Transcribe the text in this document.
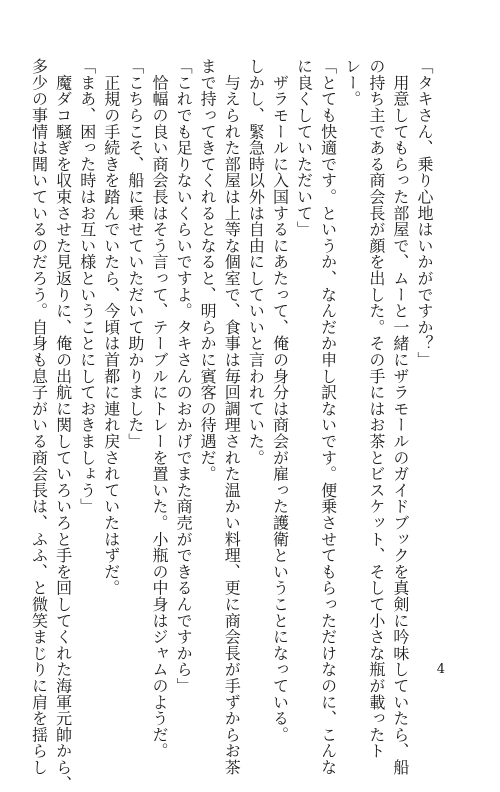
「タキさん、乗り心地はいかがですか？」
　用意してもらった部屋で、ムーと一緒にザラモールのガイドブックを真剣に吟味していたら、船
の持ち主である商会長が顔を出した。その手にはお茶とビスケット、そして小さな瓶が載ったト
レー。
「とても快適です。というか、なんだか申し訳ないです。便乗させてもらっただけなのに、こんな
に良くしていただいて」
　ザラモールに入国するにあたって、俺の身分は商会が雇った護衛ということになっている。
しかし、緊急時以外は自由にしていいと言われていた。
　与えられた部屋は上等な個室で、食事は毎回調理された温かい料理、更に商会長が手ずからお茶
まで持ってきてくれるとなると、明らかに賓客の待遇だ。
「これでも足りないくらいですよ。タキさんのおかげでまた商売ができるんですから」
　恰幅の良い商会長はそう言って、テーブルにトレーを置いた。小瓶の中身はジャムのようだ。
「こちらこそ、船に乗せていただいて助かりました」
　正規の手続きを踏んでいたら、今頃は首都に連れ戻されていたはずだ。
「まあ、困った時はお互い様ということにしておきましょう」
　魔ダコ騒ぎを収束させた見返りに、俺の出航に関していろいろと手を回してくれた海軍元帥から、
多少の事情は聞いているのだろう。自身も息子がいる商会長は、ふふ、と微笑まじりに肩を揺らし	4
